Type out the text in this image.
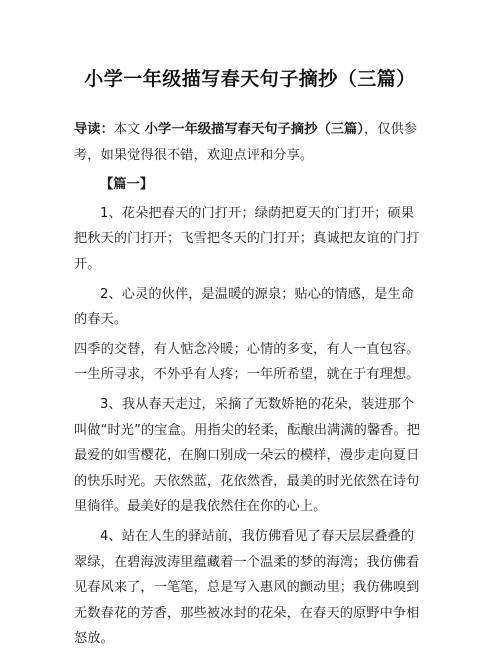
小学一年级描写春天句子摘抄（三篇）

导读：本文 小学一年级描写春天句子摘抄（三篇），仅供参考，如果觉得很不错，欢迎点评和分享。

【篇一】

1、花朵把春天的门打开；绿荫把夏天的门打开；硕果把秋天的门打开；飞雪把冬天的门打开；真诚把友谊的门打开。

2、心灵的伙伴，是温暖的源泉；贴心的情感，是生命的春天。

四季的交替，有人惦念冷暖；心情的多变，有人一直包容。一生所寻求，不外乎有人疼；一年所希望，就在于有理想。

3、我从春天走过，采摘了无数娇艳的花朵，装进那个叫做“时光”的宝盒。用指尖的轻柔，酝酿出满满的馨香。把最爱的如雪樱花，在胸口别成一朵云的模样，漫步走向夏日的快乐时光。天依然蓝，花依然香，最美的时光依然在诗句里徜徉。最美好的是我依然住在你的心上。

4、站在人生的驿站前，我仿佛看见了春天层层叠叠的翠绿，在碧海波涛里蕴藏着一个温柔的梦的海湾；我仿佛看见春风来了，一笔笔，总是写入惠风的颤动里；我仿佛嗅到无数春花的芳香，那些被冰封的花朵，在春天的原野中争相怒放。
